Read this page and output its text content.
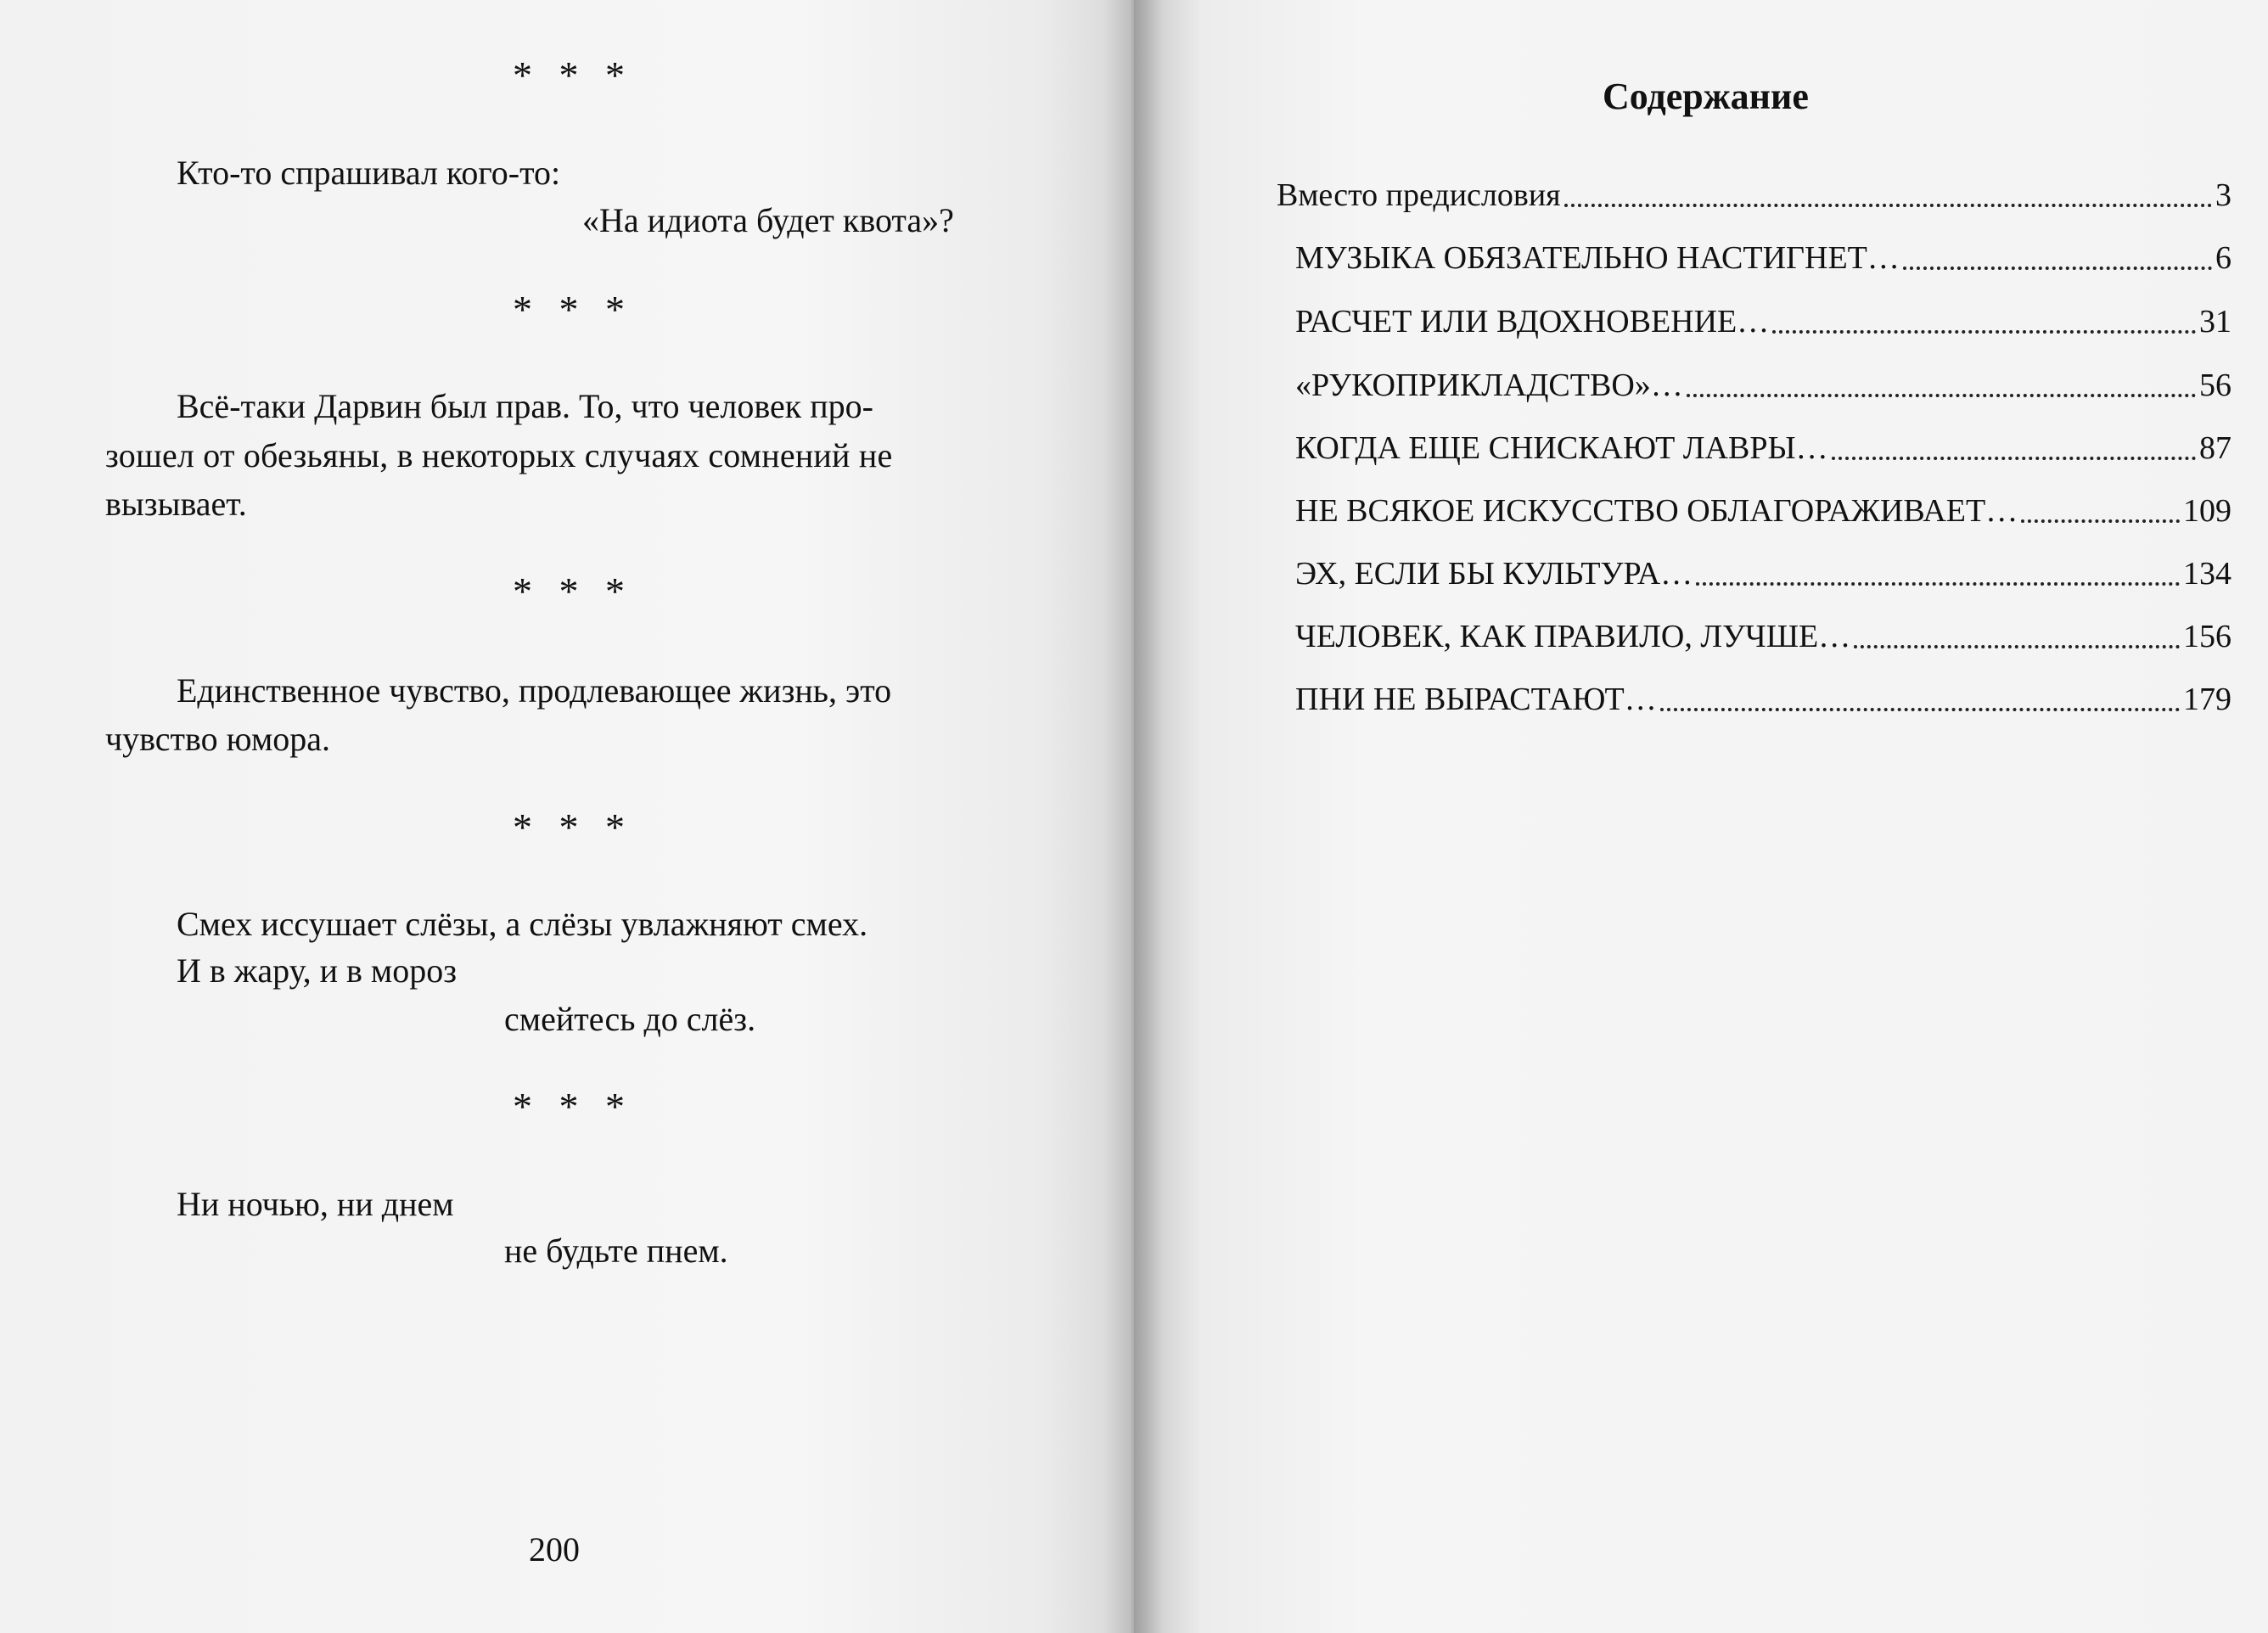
* * *
Кто-то спрашивал кого-то:
«На идиота будет квота»?
* * *
Всё-таки Дарвин был прав. То, что человек про-
зошел от обезьяны, в некоторых случаях сомнений не
вызывает.
* * *
Единственное чувство, продлевающее жизнь, это
чувство юмора.
* * *
Смех иссушает слёзы, а слёзы увлажняют смех.
И в жару, и в мороз
смейтесь до слёз.
* * *
Ни ночью, ни днем
не будьте пнем.
200
Содержание
Вместо предисловия	3
МУЗЫКА ОБЯЗАТЕЛЬНО НАСТИГНЕТ…	6
РАСЧЕТ ИЛИ ВДОХНОВЕНИЕ…	31
«РУКОПРИКЛАДСТВО»…	56
КОГДА ЕЩЕ СНИСКАЮТ ЛАВРЫ…	87
НЕ ВСЯКОЕ ИСКУССТВО ОБЛАГОРАЖИВАЕТ…	109
ЭХ, ЕСЛИ БЫ КУЛЬТУРА…	134
ЧЕЛОВЕК, КАК ПРАВИЛО, ЛУЧШЕ…	156
ПНИ НЕ ВЫРАСТАЮТ…	179
